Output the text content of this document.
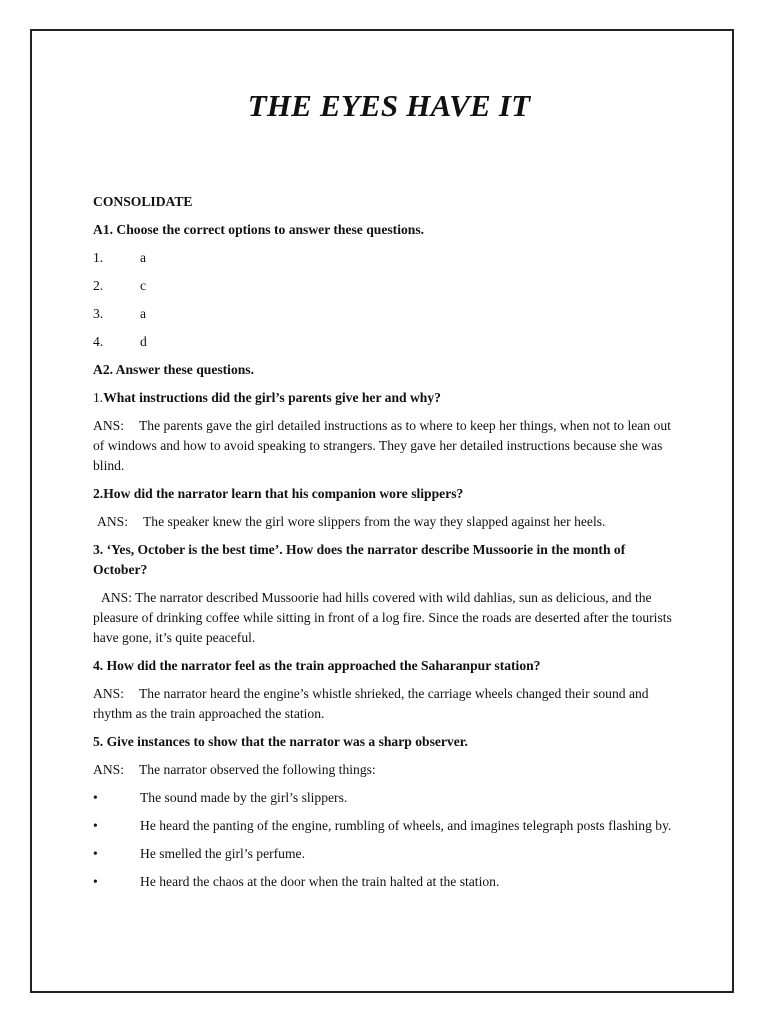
THE EYES HAVE IT

CONSOLIDATE

A1. Choose the correct options to answer these questions.

1.	a
2.	c
3.	a
4.	d

A2. Answer these questions.

1.What instructions did the girl’s parents give her and why?

ANS: The parents gave the girl detailed instructions as to where to keep her things, when not to lean out of windows and how to avoid speaking to strangers. They gave her detailed instructions because she was blind.

2.How did the narrator learn that his companion wore slippers?

ANS: The speaker knew the girl wore slippers from the way they slapped against her heels.

3. ‘Yes, October is the best time’. How does the narrator describe Mussoorie in the month of October?

ANS: The narrator described Mussoorie had hills covered with wild dahlias, sun as delicious, and the pleasure of drinking coffee while sitting in front of a log fire. Since the roads are deserted after the tourists have gone, it’s quite peaceful.

4. How did the narrator feel as the train approached the Saharanpur station?

ANS: The narrator heard the engine’s whistle shrieked, the carriage wheels changed their sound and rhythm as the train approached the station.

5. Give instances to show that the narrator was a sharp observer.

ANS: The narrator observed the following things:

•	The sound made by the girl’s slippers.

•	He heard the panting of the engine, rumbling of wheels, and imagines telegraph posts flashing by.

•	He smelled the girl’s perfume.

•	He heard the chaos at the door when the train halted at the station.
